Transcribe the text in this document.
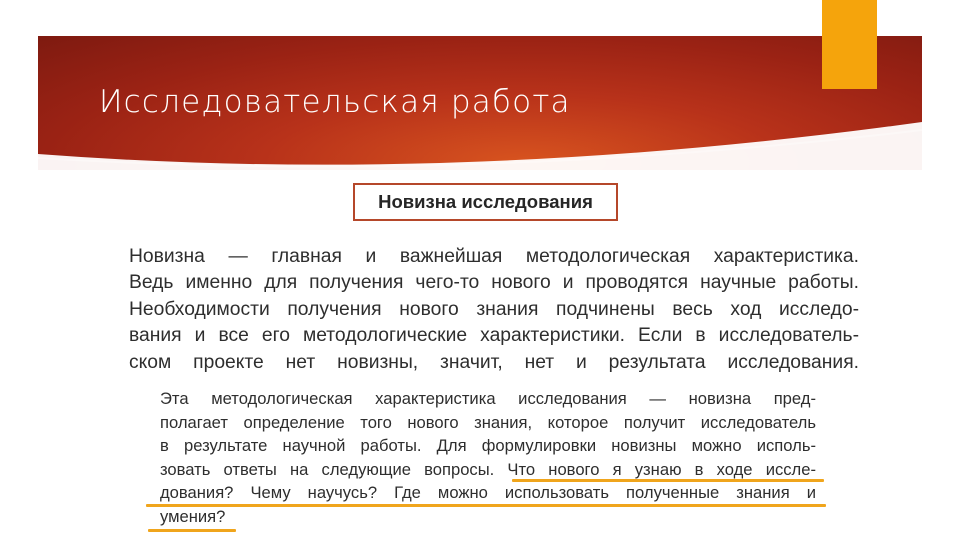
Исследовательская работа
Новизна исследования

Новизна — главная и важнейшая методологическая характеристика.
Ведь именно для получения чего-то нового и проводятся научные работы.
Необходимости получения нового знания подчинены весь ход исследо-
вания и все его методологические характеристики. Если в исследователь-
ском проекте нет новизны, значит, нет и результата исследования.

Эта методологическая характеристика исследования — новизна пред-
полагает определение того нового знания, которое получит исследователь
в результате научной работы. Для формулировки новизны можно исполь-
зовать ответы на следующие вопросы. Что нового я узнаю в ходе иссле-
дования? Чему научусь? Где можно использовать полученные знания и
умения?
